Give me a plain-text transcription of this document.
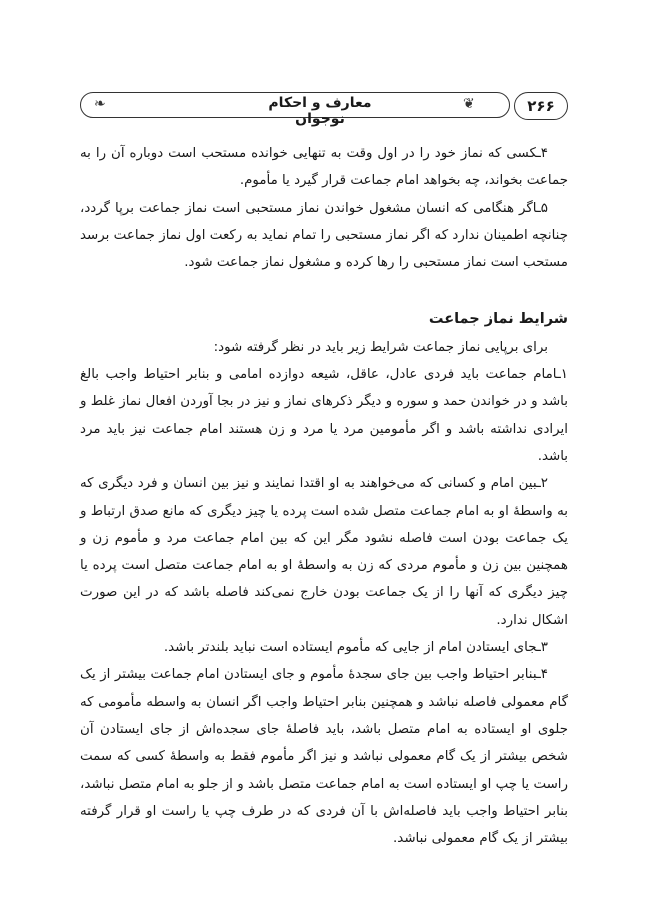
❧	معارف و احکام نوجوان
❦	۲۶۶

۴ـکسی که نماز خود را در اول وقت به تنهایی خوانده مستحب است دوباره آن را به جماعت بخواند، چه بخواهد امام جماعت قرار گیرد یا مأموم.

۵ـاگر هنگامی که انسان مشغول خواندن نماز مستحبی است نماز جماعت برپا گردد، چنانچه اطمینان ندارد که اگر نماز مستحبی را تمام نماید به رکعت اول نماز جماعت برسد مستحب است نماز مستحبی را رها کرده و مشغول نماز جماعت شود.

شرایط نماز جماعت

برای برپایی نماز جماعت شرایط زیر باید در نظر گرفته شود:

۱ـامام جماعت باید فردی عادل، عاقل، شیعه دوازده امامی و بنابر احتیاط واجب بالغ باشد و در خواندن حمد و سوره و دیگر ذکرهای نماز و نیز در بجا آوردن افعال نماز غلط و ایرادی نداشته باشد و اگر مأمومین مرد یا مرد و زن هستند امام جماعت نیز باید مرد باشد.

۲ـبین امام و کسانی که می‌خواهند به او اقتدا نمایند و نیز بین انسان و فرد دیگری که به واسطهٔ او به امام جماعت متصل شده است پرده یا چیز دیگری که مانع صدق ارتباط و یک جماعت بودن است فاصله نشود مگر این که بین امام جماعت مرد و مأموم زن و همچنین بین زن و مأموم مردی که زن به واسطهٔ او به امام جماعت متصل است پرده یا چیز دیگری که آنها را از یک جماعت بودن خارج نمی‌کند فاصله باشد که در این صورت اشکال ندارد.

۳ـجای ایستادن امام از جایی که مأموم ایستاده است نباید بلندتر باشد.

۴ـبنابر احتیاط واجب بین جای سجدهٔ مأموم و جای ایستادن امام جماعت بیشتر از یک گام معمولی فاصله نباشد و همچنین بنابر احتیاط واجب اگر انسان به واسطه مأمومی که جلوی او ایستاده به امام متصل باشد، باید فاصلهٔ جای سجده‌اش از جای ایستادن آن شخص بیشتر از یک گام معمولی نباشد و نیز اگر مأموم فقط به واسطهٔ کسی که سمت راست یا چپ او ایستاده است به امام جماعت متصل باشد و از جلو به امام متصل نباشد، بنابر احتیاط واجب باید فاصله‌اش با آن فردی که در طرف چپ یا راست او قرار گرفته بیشتر از یک گام معمولی نباشد.
